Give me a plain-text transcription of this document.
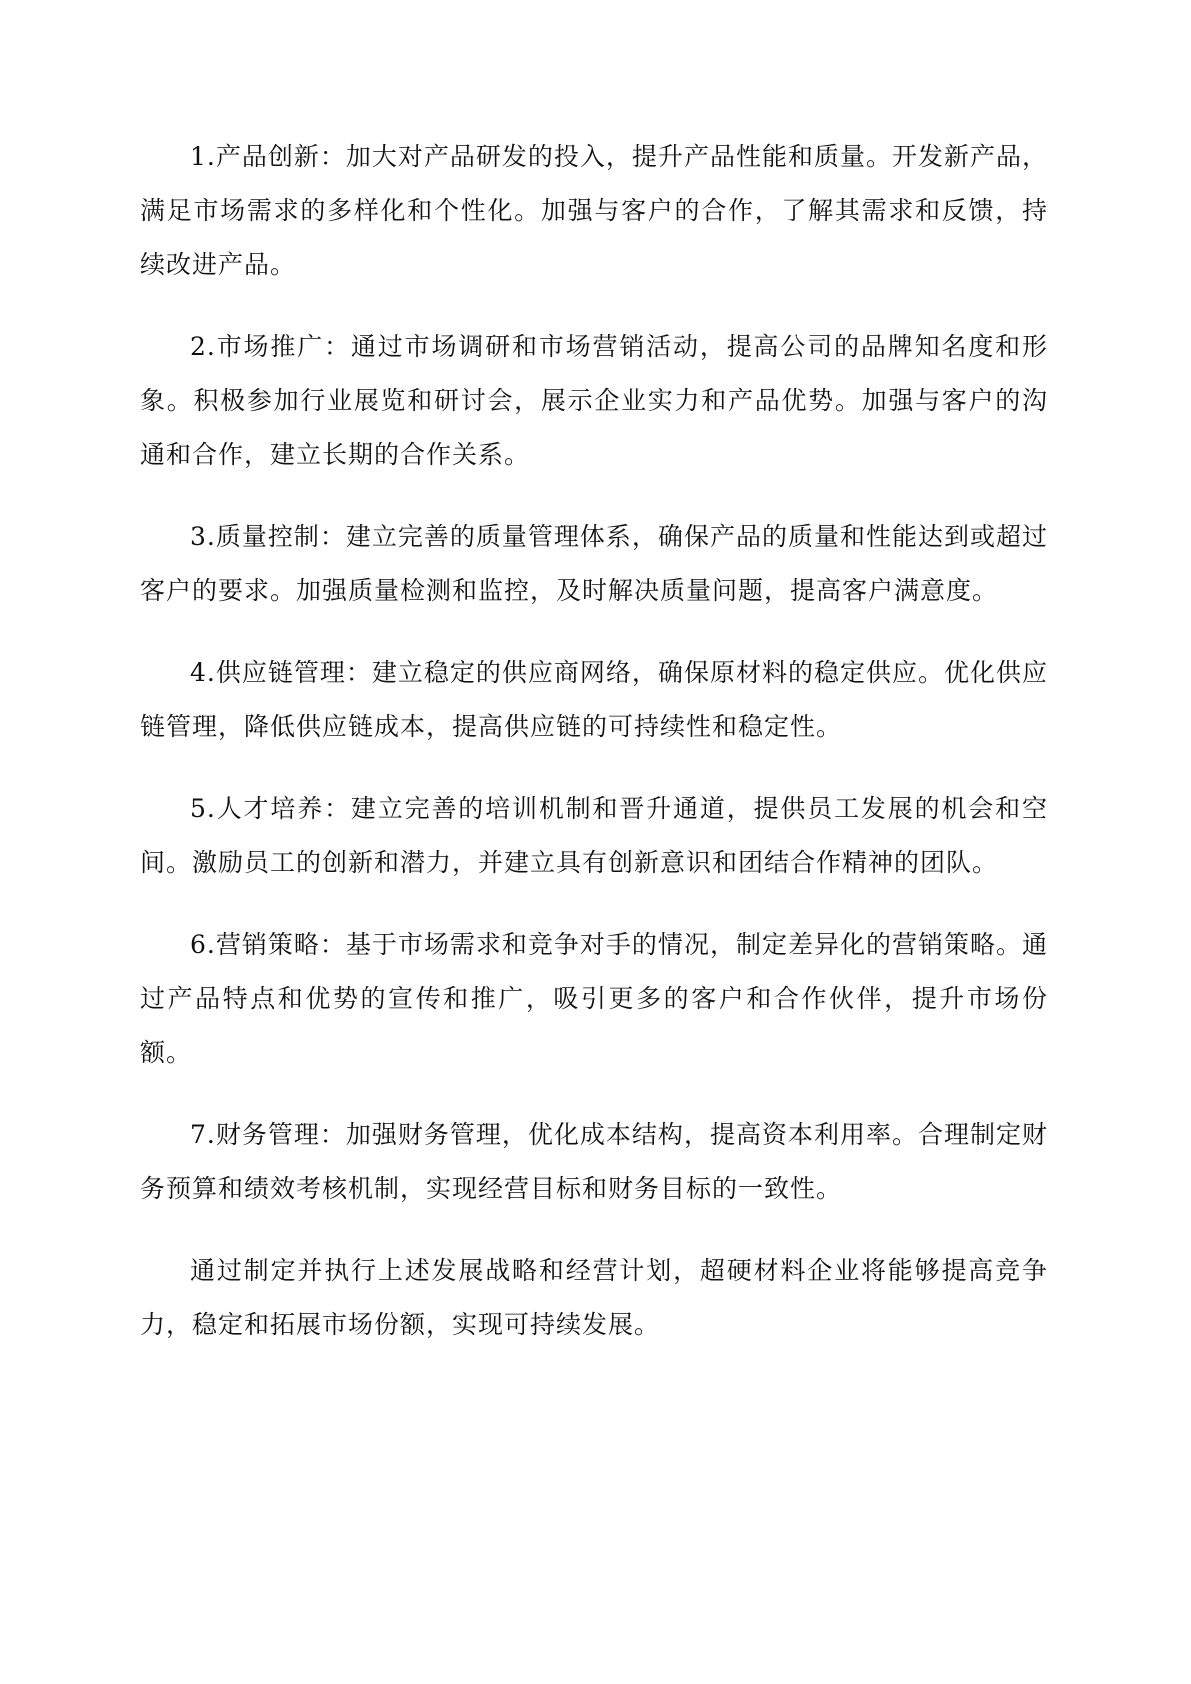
1.产品创新：加大对产品研发的投入，提升产品性能和质量。开发新产品，满足市场需求的多样化和个性化。加强与客户的合作，了解其需求和反馈，持续改进产品。

2.市场推广：通过市场调研和市场营销活动，提高公司的品牌知名度和形象。积极参加行业展览和研讨会，展示企业实力和产品优势。加强与客户的沟通和合作，建立长期的合作关系。

3.质量控制：建立完善的质量管理体系，确保产品的质量和性能达到或超过客户的要求。加强质量检测和监控，及时解决质量问题，提高客户满意度。

4.供应链管理：建立稳定的供应商网络，确保原材料的稳定供应。优化供应链管理，降低供应链成本，提高供应链的可持续性和稳定性。

5.人才培养：建立完善的培训机制和晋升通道，提供员工发展的机会和空间。激励员工的创新和潜力，并建立具有创新意识和团结合作精神的团队。

6.营销策略：基于市场需求和竞争对手的情况，制定差异化的营销策略。通过产品特点和优势的宣传和推广，吸引更多的客户和合作伙伴，提升市场份额。

7.财务管理：加强财务管理，优化成本结构，提高资本利用率。合理制定财务预算和绩效考核机制，实现经营目标和财务目标的一致性。

通过制定并执行上述发展战略和经营计划，超硬材料企业将能够提高竞争力，稳定和拓展市场份额，实现可持续发展。
